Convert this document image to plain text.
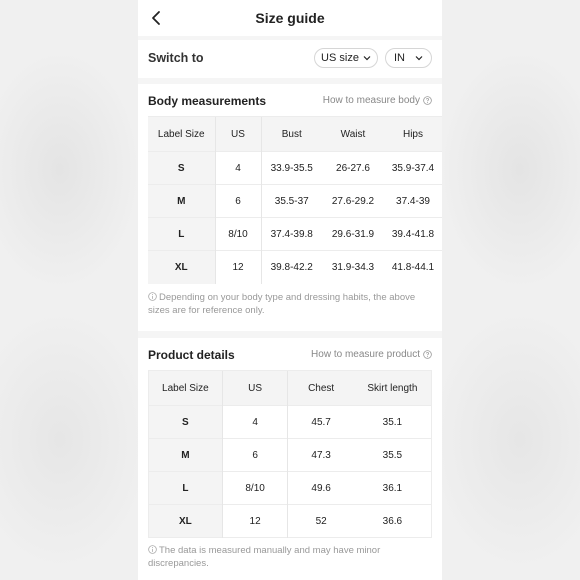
Size guide
Switch to	US size	IN
Body measurements	How to measure body
Label Size	US	Bust	Waist	Hips
S	4	33.9-35.5	26-27.6	35.9-37.4
M	6	35.5-37	27.6-29.2	37.4-39
L	8/10	37.4-39.8	29.6-31.9	39.4-41.8
XL	12	39.8-42.2	31.9-34.3	41.8-44.1
Depending on your body type and dressing habits, the above
sizes are for reference only.
Product details	How to measure product
Label Size	US	Chest	Skirt length
S	4	45.7	35.1
M	6	47.3	35.5
L	8/10	49.6	36.1
XL	12	52	36.6
The data is measured manually and may have minor
discrepancies.
